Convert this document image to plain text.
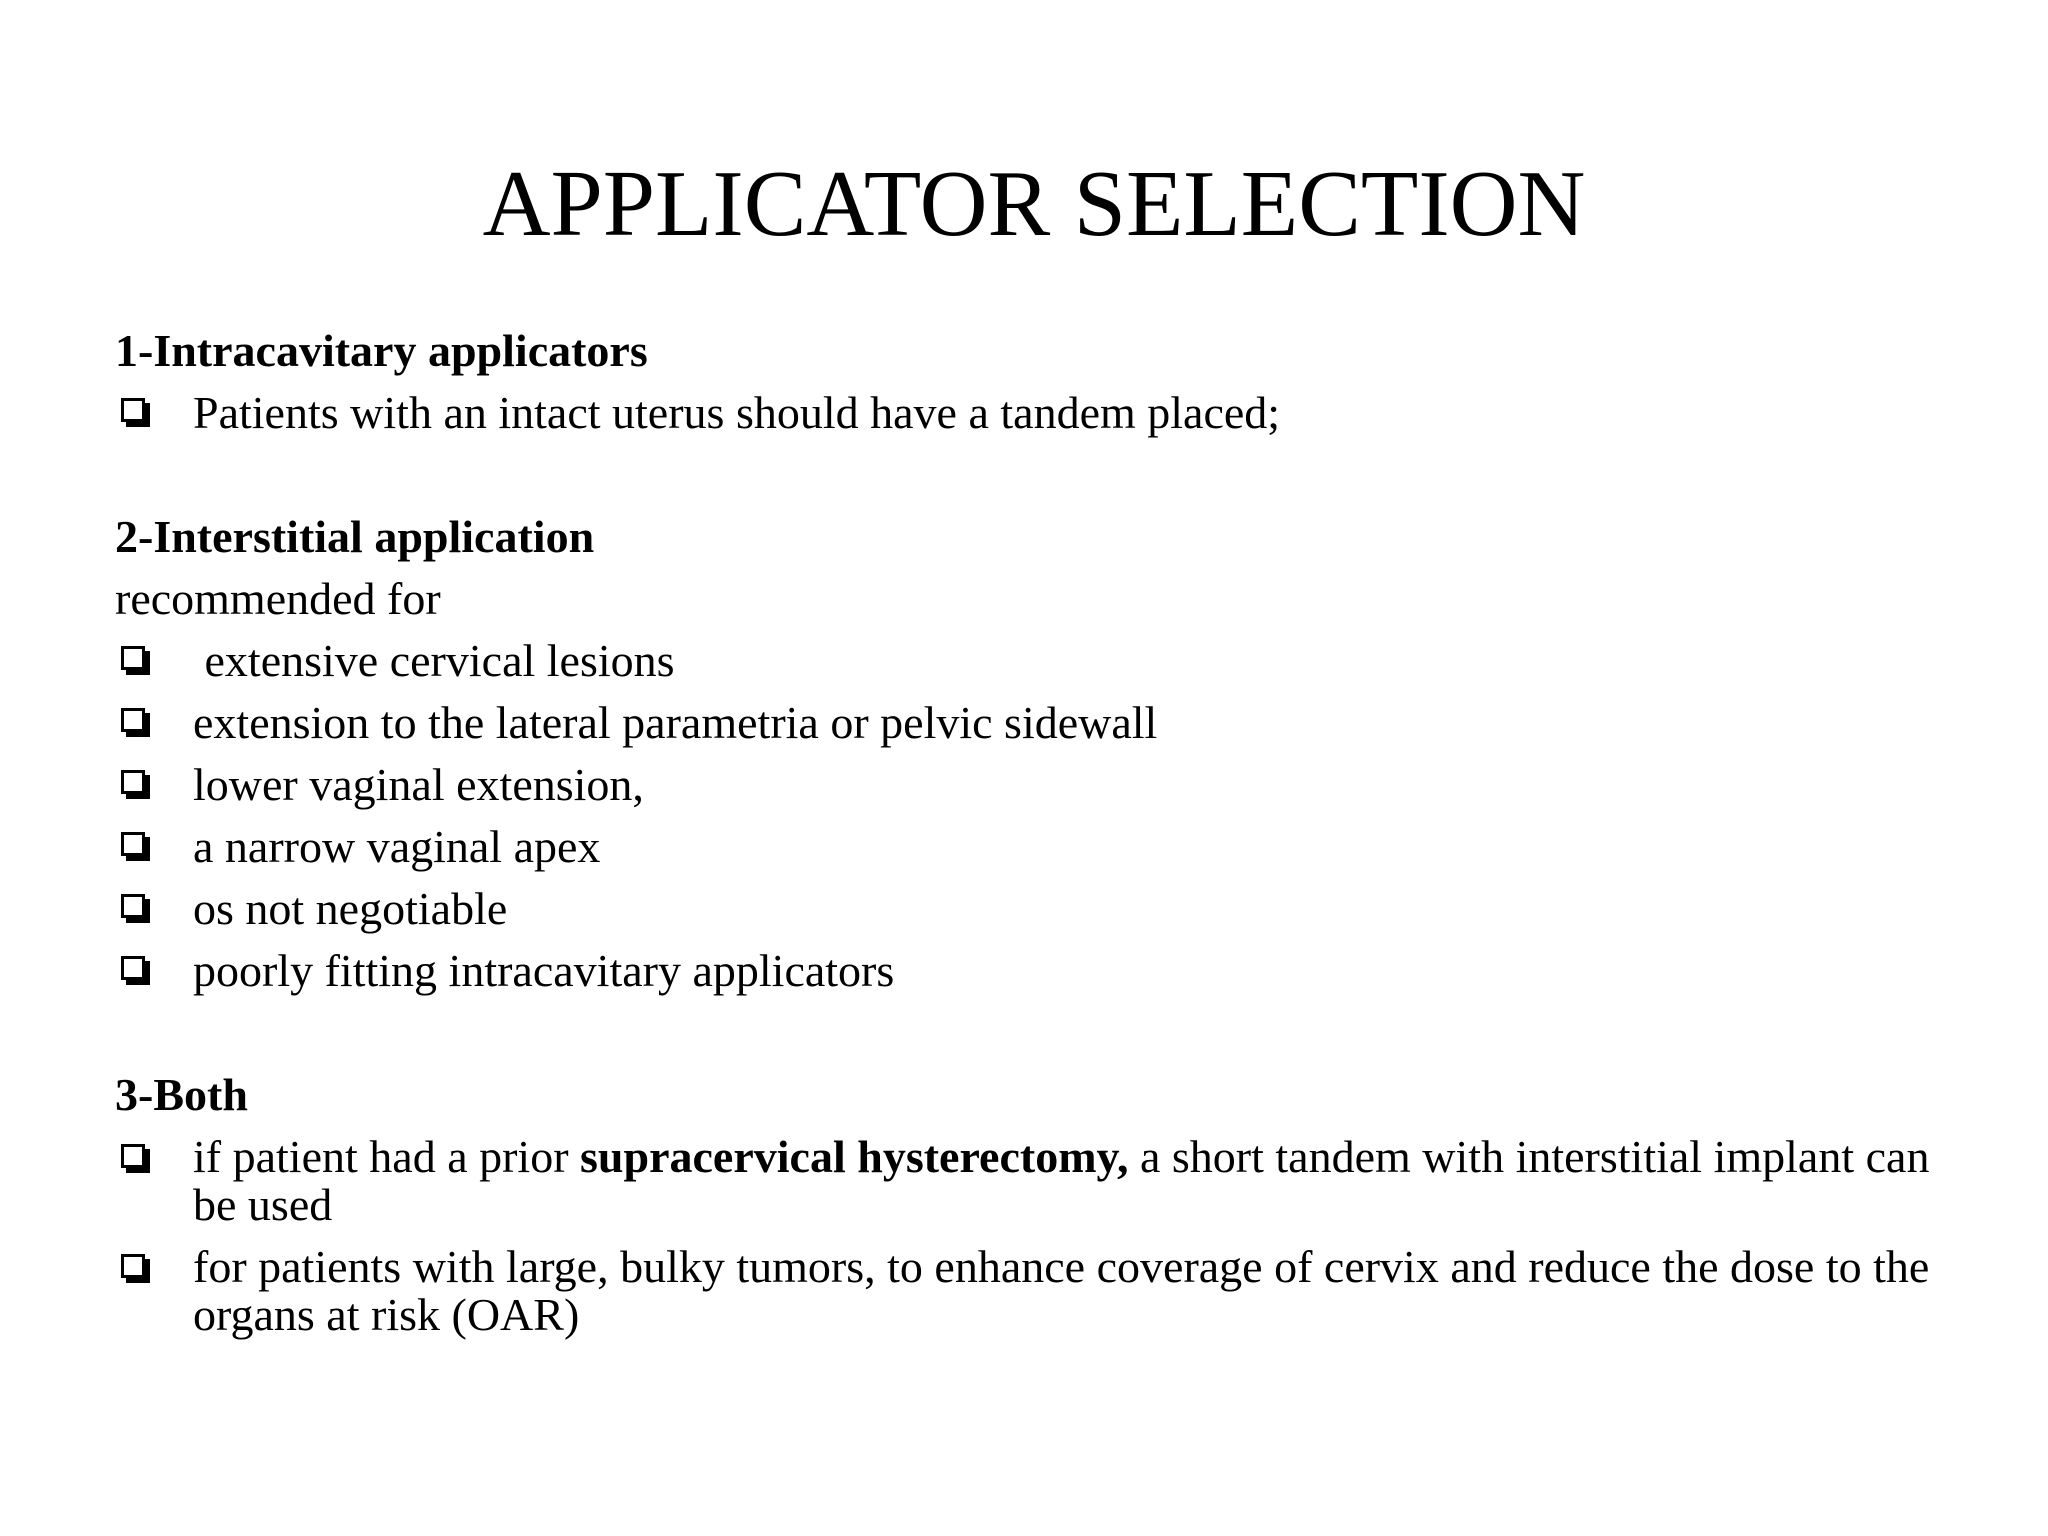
APPLICATOR SELECTION
1-Intracavitary applicators
Patients with an intact uterus should have a tandem placed;
2-Interstitial application
recommended for
extensive cervical lesions
extension to the lateral parametria or pelvic sidewall
lower vaginal extension,
a narrow vaginal apex
os not negotiable
poorly fitting intracavitary applicators
3-Both
if patient had a prior supracervical hysterectomy, a short tandem with interstitial implant can be used
for patients with large, bulky tumors, to enhance coverage of cervix and reduce the dose to the organs at risk (OAR)
